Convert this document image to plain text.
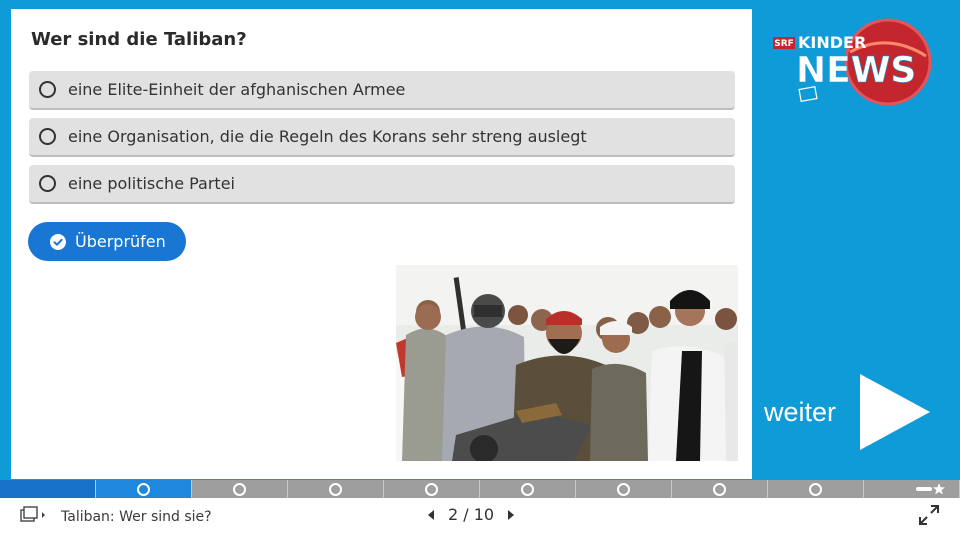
Wer sind die Taliban?
eine Elite-Einheit der afghanischen Armee
eine Organisation, die die Regeln des Korans sehr streng auslegt
eine politische Partei
Überprüfen
SRF KINDER
NEWS
weiter
Taliban: Wer sind sie?	2 / 10
